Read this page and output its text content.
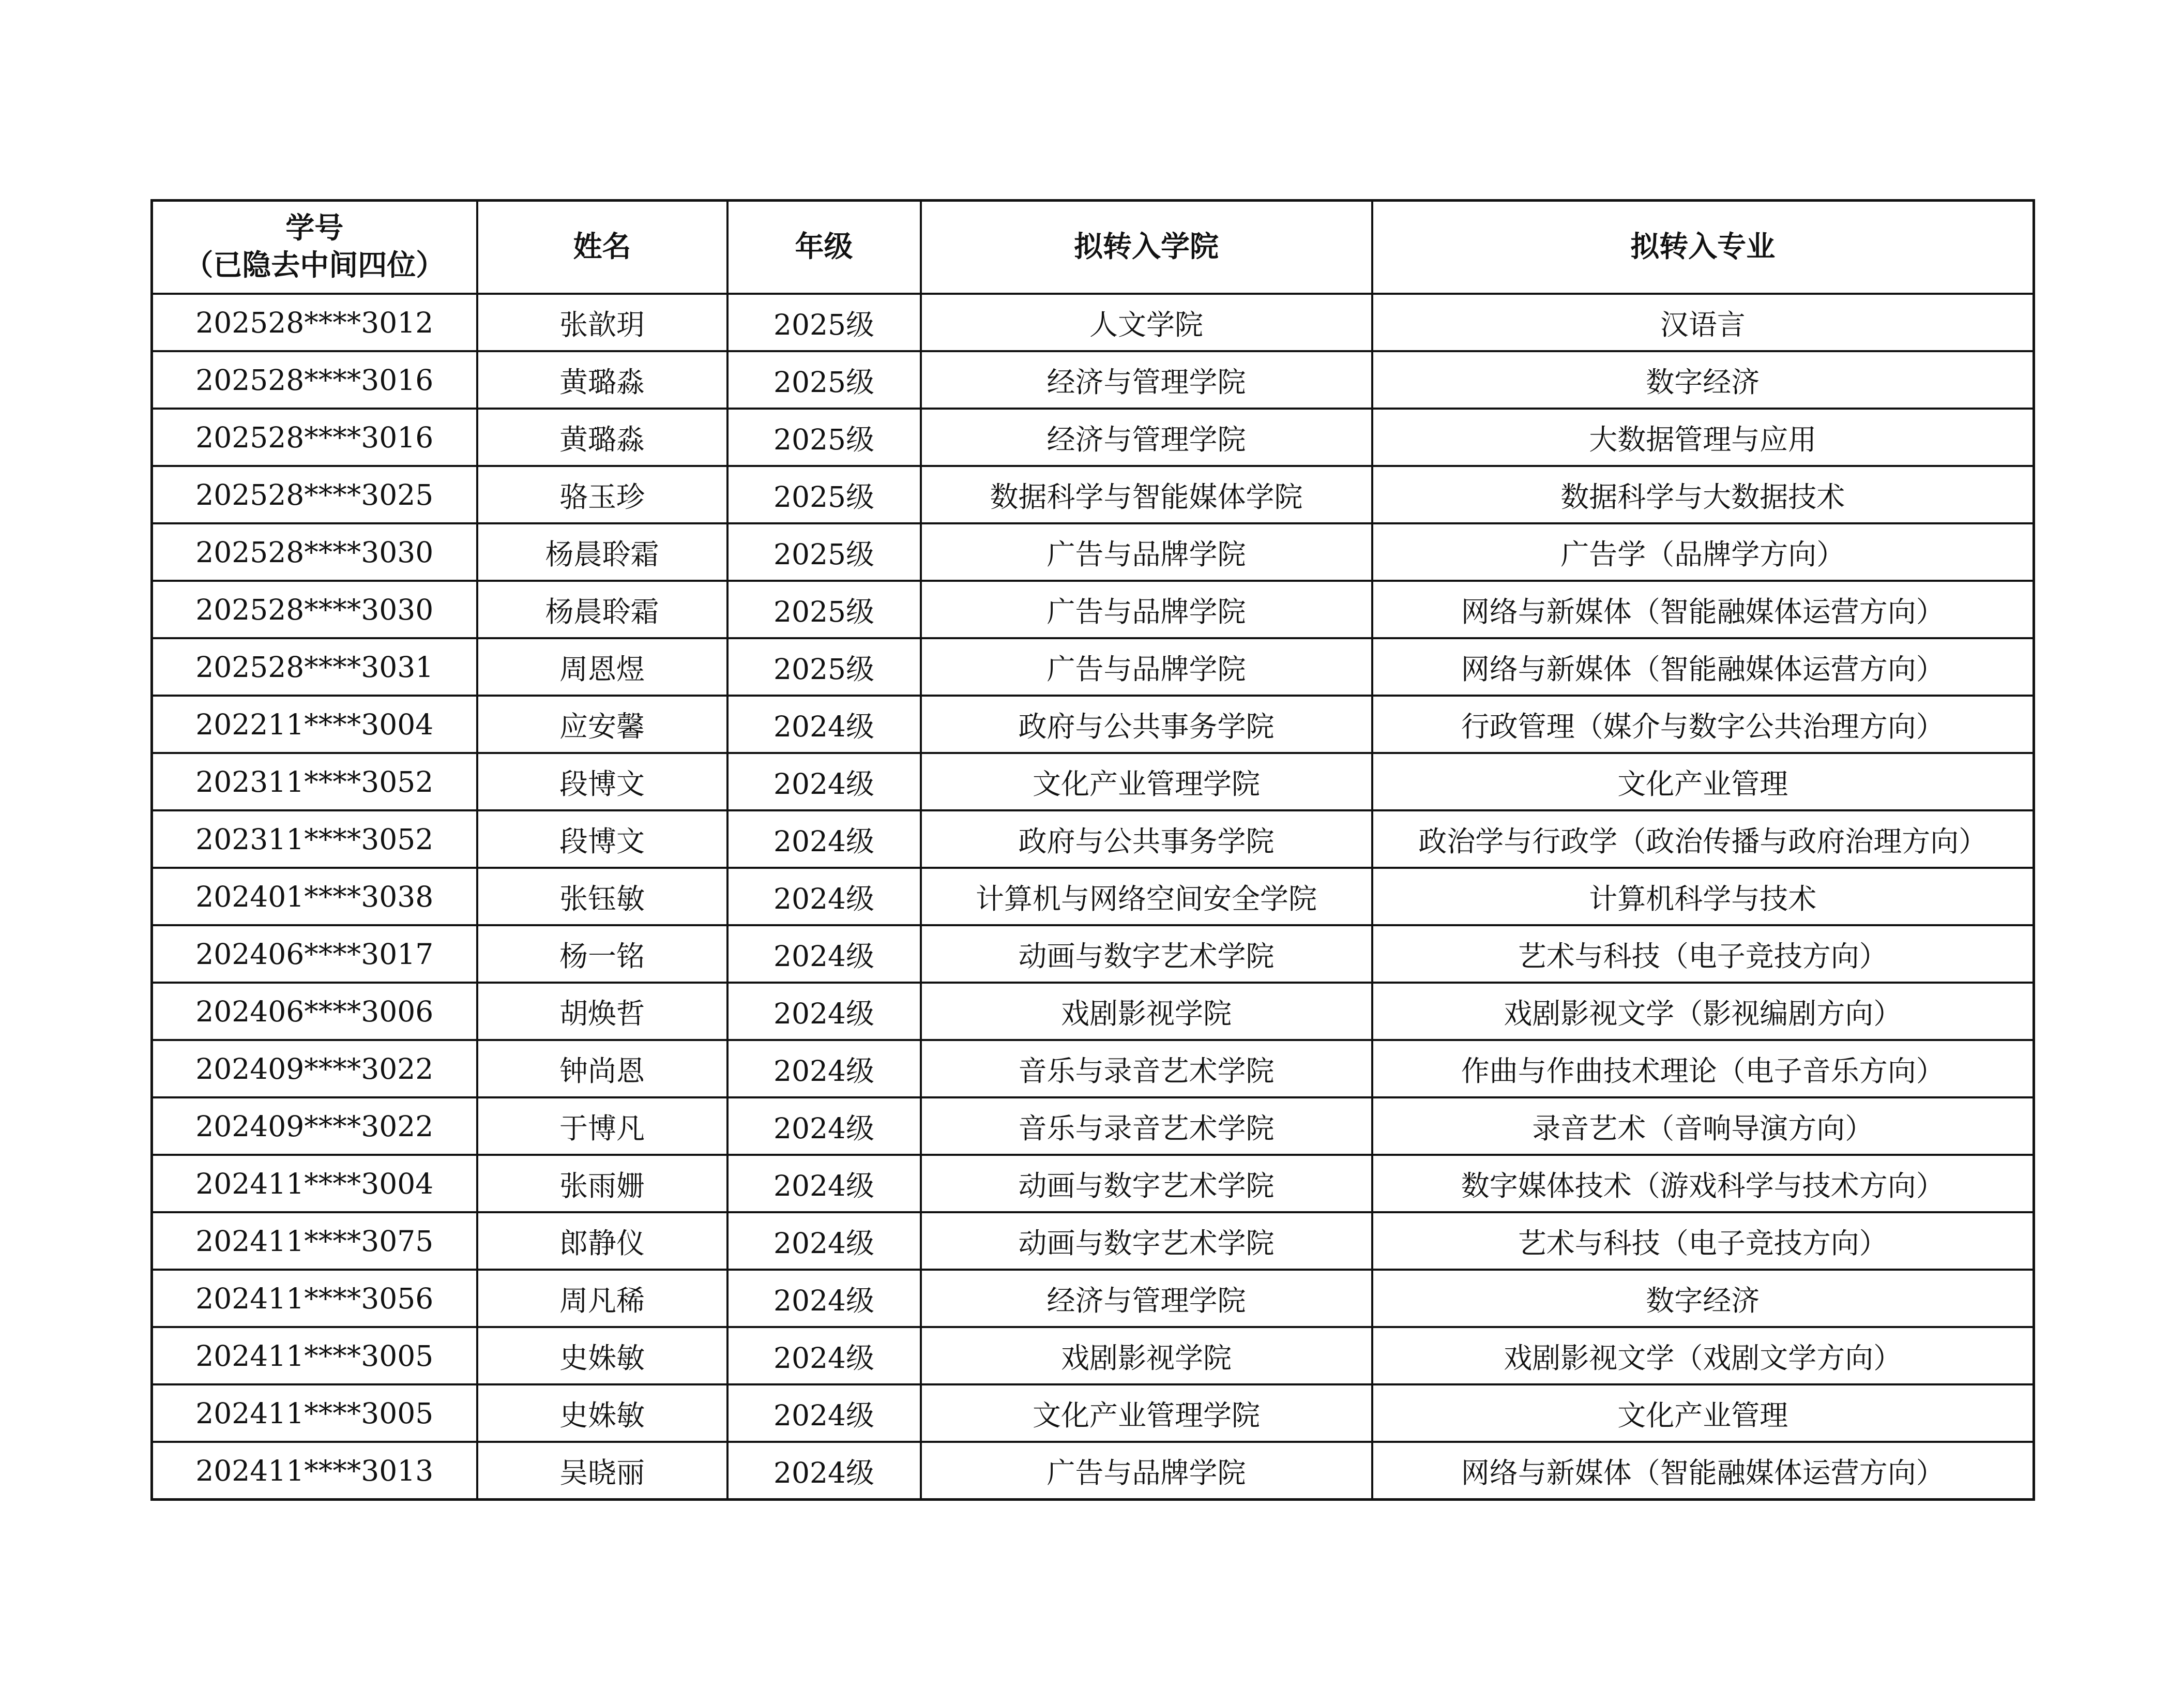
学号
（已隐去中间四位）	姓名	年级	拟转入学院	拟转入专业
202528****3012	张歆玥	2025级	人文学院	汉语言
202528****3016	黄璐淼	2025级	经济与管理学院	数字经济
202528****3016	黄璐淼	2025级	经济与管理学院	大数据管理与应用
202528****3025	骆玉珍	2025级	数据科学与智能媒体学院	数据科学与大数据技术
202528****3030	杨晨聆霜	2025级	广告与品牌学院	广告学（品牌学方向）
202528****3030	杨晨聆霜	2025级	广告与品牌学院	网络与新媒体（智能融媒体运营方向）
202528****3031	周恩煜	2025级	广告与品牌学院	网络与新媒体（智能融媒体运营方向）
202211****3004	应安馨	2024级	政府与公共事务学院	行政管理（媒介与数字公共治理方向）
202311****3052	段博文	2024级	文化产业管理学院	文化产业管理
202311****3052	段博文	2024级	政府与公共事务学院	政治学与行政学（政治传播与政府治理方向）
202401****3038	张钰敏	2024级	计算机与网络空间安全学院	计算机科学与技术
202406****3017	杨一铭	2024级	动画与数字艺术学院	艺术与科技（电子竞技方向）
202406****3006	胡焕哲	2024级	戏剧影视学院	戏剧影视文学（影视编剧方向）
202409****3022	钟尚恩	2024级	音乐与录音艺术学院	作曲与作曲技术理论（电子音乐方向）
202409****3022	于博凡	2024级	音乐与录音艺术学院	录音艺术（音响导演方向）
202411****3004	张雨姗	2024级	动画与数字艺术学院	数字媒体技术（游戏科学与技术方向）
202411****3075	郎静仪	2024级	动画与数字艺术学院	艺术与科技（电子竞技方向）
202411****3056	周凡稀	2024级	经济与管理学院	数字经济
202411****3005	史姝敏	2024级	戏剧影视学院	戏剧影视文学（戏剧文学方向）
202411****3005	史姝敏	2024级	文化产业管理学院	文化产业管理
202411****3013	吴晓丽	2024级	广告与品牌学院	网络与新媒体（智能融媒体运营方向）
